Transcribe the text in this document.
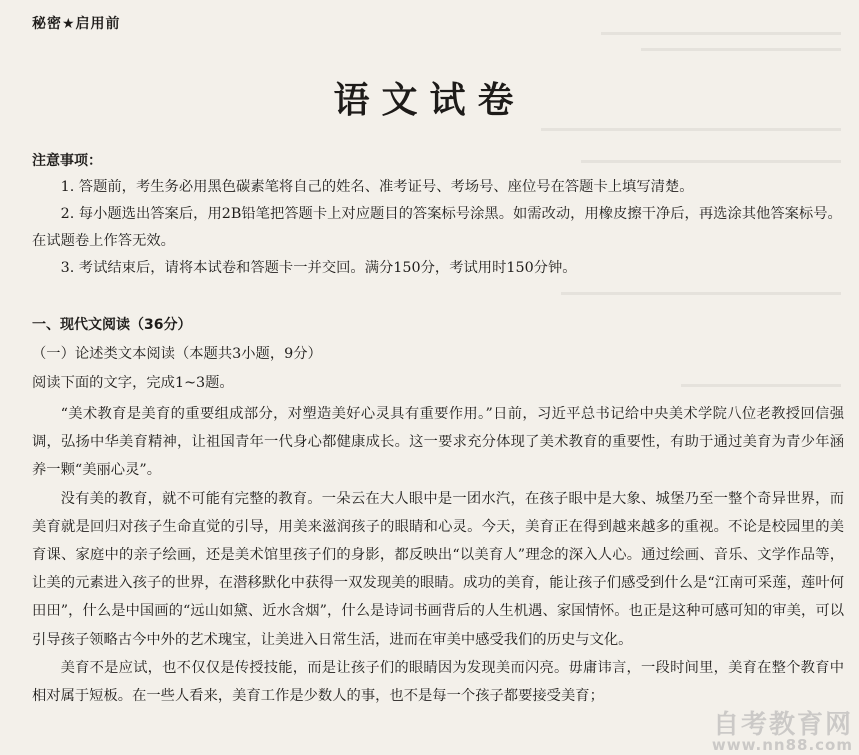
秘密★启用前
语文试卷
注意事项：

1. 答题前，考生务必用黑色碳素笔将自己的姓名、准考证号、考场号、座位号在答题卡上填写清楚。

2. 每小题选出答案后，用2B铅笔把答题卡上对应题目的答案标号涂黑。如需改动，用橡皮擦干净后，再选涂其他答案标号。在试题卷上作答无效。

3. 考试结束后，请将本试卷和答题卡一并交回。满分150分，考试用时150分钟。

一、现代文阅读（36分）
（一）论述类文本阅读（本题共3小题，9分）
阅读下面的文字，完成1~3题。

“美术教育是美育的重要组成部分，对塑造美好心灵具有重要作用。”日前，习近平总书记给中央美术学院八位老教授回信强调，弘扬中华美育精神，让祖国青年一代身心都健康成长。这一要求充分体现了美术教育的重要性，有助于通过美育为青少年涵养一颗“美丽心灵”。

没有美的教育，就不可能有完整的教育。一朵云在大人眼中是一团水汽，在孩子眼中是大象、城堡乃至一整个奇异世界，而美育就是回归对孩子生命直觉的引导，用美来滋润孩子的眼睛和心灵。今天，美育正在得到越来越多的重视。不论是校园里的美育课、家庭中的亲子绘画，还是美术馆里孩子们的身影，都反映出“以美育人”理念的深入人心。通过绘画、音乐、文学作品等，让美的元素进入孩子的世界，在潜移默化中获得一双发现美的眼睛。成功的美育，能让孩子们感受到什么是“江南可采莲，莲叶何田田”，什么是中国画的“远山如黛、近水含烟”，什么是诗词书画背后的人生机遇、家国情怀。也正是这种可感可知的审美，可以引导孩子领略古今中外的艺术瑰宝，让美进入日常生活，进而在审美中感受我们的历史与文化。

美育不是应试，也不仅仅是传授技能，而是让孩子们的眼睛因为发现美而闪亮。毋庸讳言，一段时间里，美育在整个教育中相对属于短板。在一些人看来，美育工作是少数人的事，也不是每一个孩子都要接受美育；

自考教育网
www.nn88.com
